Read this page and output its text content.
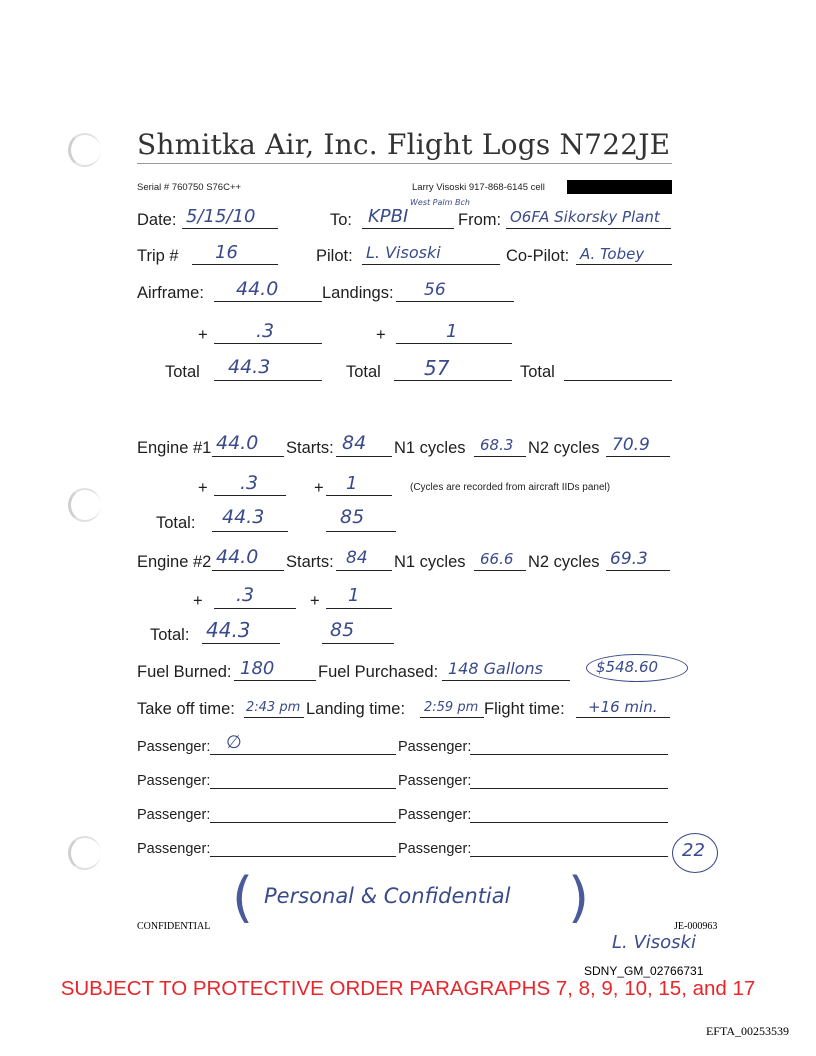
Shmitka Air, Inc. Flight Logs N722JE
Serial # 760750 S76C++	Larry Visoski 917-868-6145 cell
Date: 5/15/10	To: KPBI
West Palm Bch
From: O6FA Sikorsky Plant
Trip # 16	Pilot: L. Visoski	Co-Pilot: A. Tobey
Airframe: 44.0	Landings: 56
+	.3	+	1
Total 44.3	Total 57	Total
Engine #1 44.0 Starts: 84 N1 cycles 68.3 N2 cycles 70.9
+ .3	+ 1	(Cycles are recorded from aircraft IIDs panel)
Total: 44.3	85
Engine #2 44.0 Starts: 84 N1 cycles 66.6 N2 cycles 69.3
+ .3	+ 1
Total: 44.3	85
Fuel Burned: 180	Fuel Purchased: 148 Gallons	$548.60
Take off time: 2:43 pm Landing time: 2:59 pm Flight time: +16 min.
Passenger: ∅	Passenger:
Passenger:	Passenger:
Passenger:	Passenger:
Passenger:	Passenger:	22
( Personal & Confidential )
L. Visoski
CONFIDENTIAL	JE-000963
SDNY_GM_02766731
SUBJECT TO PROTECTIVE ORDER PARAGRAPHS 7, 8, 9, 10, 15, and 17
EFTA_00253539
